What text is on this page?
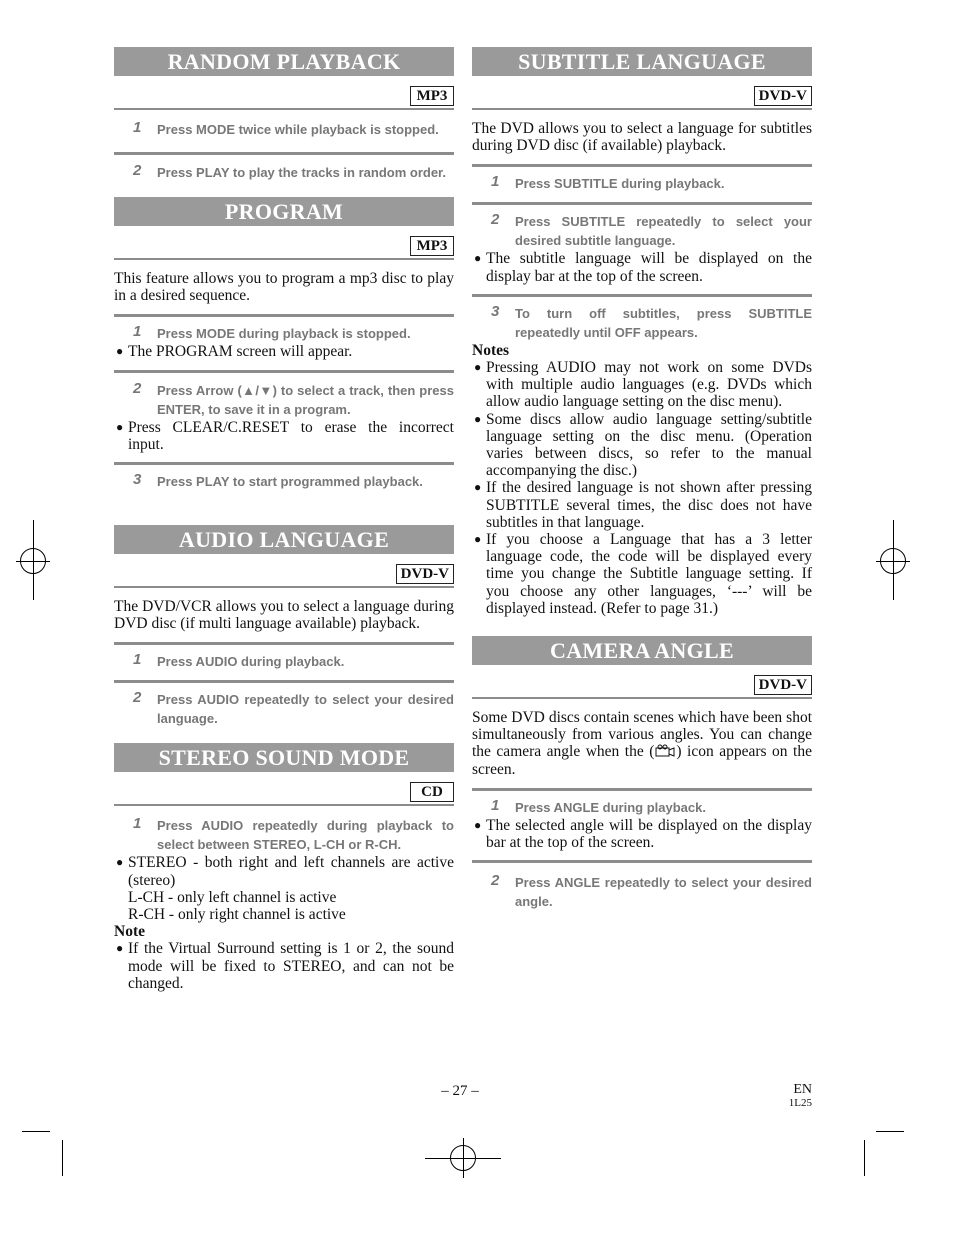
RANDOM PLAYBACK
MP3
1 Press MODE twice while playback is stopped.
2 Press PLAY to play the tracks in random order.
PROGRAM
MP3
This feature allows you to program a mp3 disc to play in a desired sequence.
1 Press MODE during playback is stopped.
● The PROGRAM screen will appear.
2 Press Arrow (▲/▼) to select a track, then press ENTER, to save it in a program.
● Press CLEAR/C.RESET to erase the incorrect input.
3 Press PLAY to start programmed playback.
AUDIO LANGUAGE
DVD-V
The DVD/VCR allows you to select a language during DVD disc (if multi language available) playback.
1 Press AUDIO during playback.
2 Press AUDIO repeatedly to select your desired language.
STEREO SOUND MODE
CD
1 Press AUDIO repeatedly during playback to select between STEREO, L-CH or R-CH.
● STEREO - both right and left channels are active (stereo)
L-CH - only left channel is active
R-CH - only right channel is active
Note
● If the Virtual Surround setting is 1 or 2, the sound mode will be fixed to STEREO, and can not be changed.
SUBTITLE LANGUAGE
DVD-V
The DVD allows you to select a language for subtitles during DVD disc (if available) playback.
1 Press SUBTITLE during playback.
2 Press SUBTITLE repeatedly to select your desired subtitle language.
● The subtitle language will be displayed on the display bar at the top of the screen.
3 To turn off subtitles, press SUBTITLE repeatedly until OFF appears.
Notes
● Pressing AUDIO may not work on some DVDs with multiple audio languages (e.g. DVDs which allow audio language setting on the disc menu).
● Some discs allow audio language setting/subtitle language setting on the disc menu. (Operation varies between discs, so refer to the manual accompanying the disc.)
● If the desired language is not shown after pressing SUBTITLE several times, the disc does not have subtitles in that language.
● If you choose a Language that has a 3 letter language code, the code will be displayed every time you change the Subtitle language setting. If you choose any other languages, ‘---’ will be displayed instead. (Refer to page 31.)
CAMERA ANGLE
DVD-V
Some DVD discs contain scenes which have been shot simultaneously from various angles. You can change the camera angle when the ( ) icon appears on the screen.
1 Press ANGLE during playback.
● The selected angle will be displayed on the display bar at the top of the screen.
2 Press ANGLE repeatedly to select your desired angle.
– 27 –	EN
1L25
